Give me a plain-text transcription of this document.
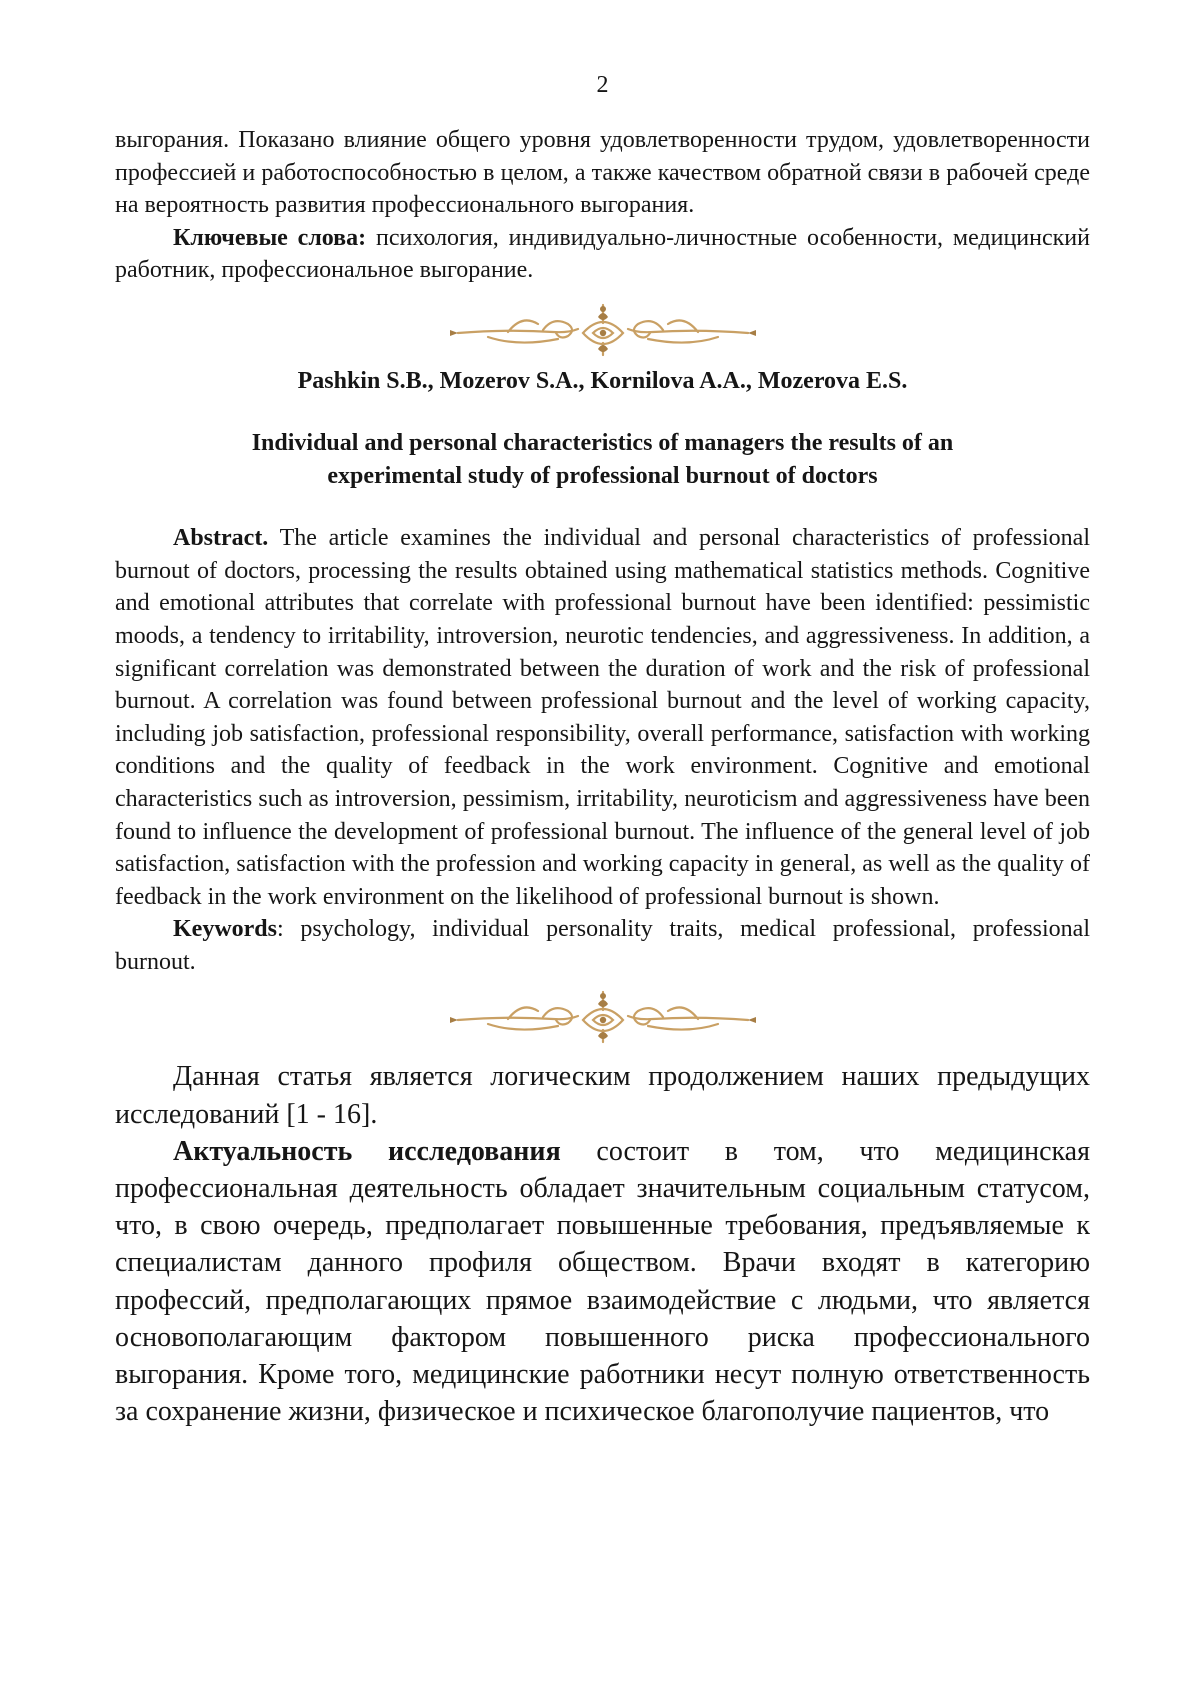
2

выгорания. Показано влияние общего уровня удовлетворенности трудом, удовлетворенности профессией и работоспособностью в целом, а также качеством обратной связи в рабочей среде на вероятность развития профессионального выгорания.

Ключевые слова: психология, индивидуально-личностные особенности, медицинский работник, профессиональное выгорание.

Pashkin S.B., Mozerov S.A., Kornilova A.A., Mozerova E.S.

Individual and personal characteristics of managers the results of an
experimental study of professional burnout of doctors

Abstract. The article examines the individual and personal characteristics of professional burnout of doctors, processing the results obtained using mathematical statistics methods. Cognitive and emotional attributes that correlate with professional burnout have been identified: pessimistic moods, a tendency to irritability, introversion, neurotic tendencies, and aggressiveness. In addition, a significant correlation was demonstrated between the duration of work and the risk of professional burnout. A correlation was found between professional burnout and the level of working capacity, including job satisfaction, professional responsibility, overall performance, satisfaction with working conditions and the quality of feedback in the work environment. Cognitive and emotional characteristics such as introversion, pessimism, irritability, neuroticism and aggressiveness have been found to influence the development of professional burnout. The influence of the general level of job satisfaction, satisfaction with the profession and working capacity in general, as well as the quality of feedback in the work environment on the likelihood of professional burnout is shown.

Keywords: psychology, individual personality traits, medical professional, professional burnout.

Данная статья является логическим продолжением наших предыдущих исследований [1 - 16].

Актуальность исследования состоит в том, что медицинская профессиональная деятельность обладает значительным социальным статусом, что, в свою очередь, предполагает повышенные требования, предъявляемые к специалистам данного профиля обществом. Врачи входят в категорию профессий, предполагающих прямое взаимодействие с людьми, что является основополагающим фактором повышенного риска профессионального выгорания. Кроме того, медицинские работники несут полную ответственность за сохранение жизни, физическое и психическое благополучие пациентов, что
